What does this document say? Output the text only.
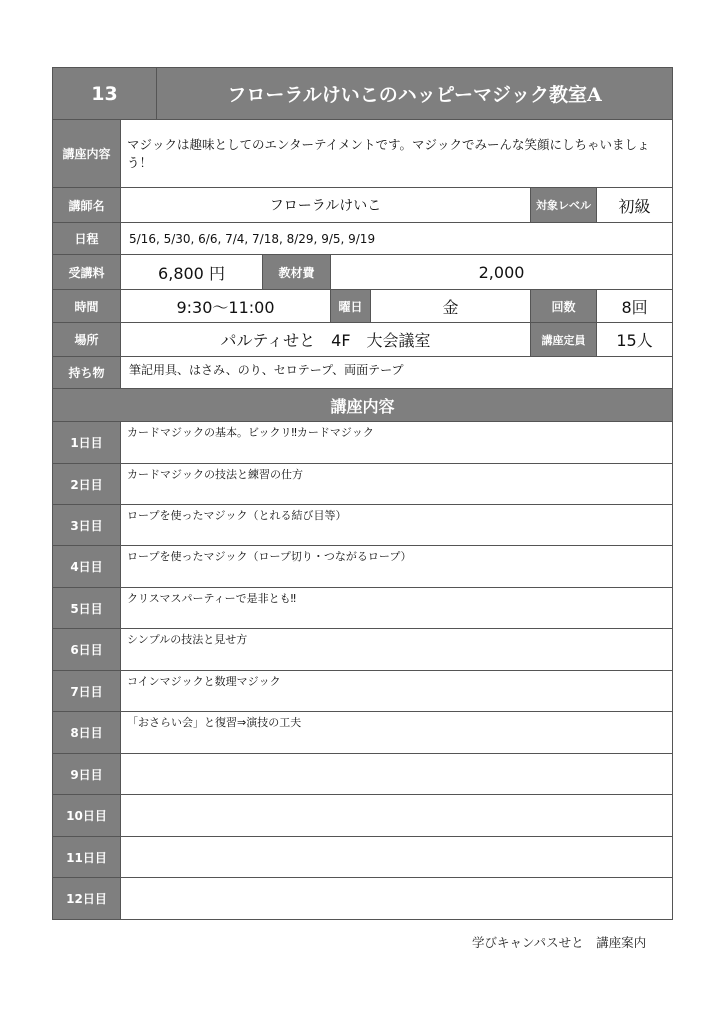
13		フローラルけいこのハッピーマジック教室A					
講座内容	マジックは趣味としてのエンターテイメントです。マジックでみーんな笑顔にしちゃいましょう！						
講師名	フローラルけいこ					対象レベル	初級
日程	5/16, 5/30, 6/6, 7/4, 7/18, 8/29, 9/5, 9/19						
受講料	6,800 円		教材費	2,000			
時間	9:30〜11:00			曜日	金	回数	8回
場所	パルティせと　4F　大会議室					講座定員	15人
持ち物	筆記用具、はさみ、のり、セロテープ、両面テープ						
講座内容							
1日目	カードマジックの基本。ビックリ‼カードマジック						
2日目	カードマジックの技法と練習の仕方						
3日目	ロープを使ったマジック（とれる結び目等）						
4日目	ロープを使ったマジック（ロープ切り・つながるロープ）						
5日目	クリスマスパーティーで是非とも‼						
6日目	シンプルの技法と見せ方						
7日目	コインマジックと数理マジック						
8日目	「おさらい会」と復習⇒演技の工夫						
9日目							
10日目							
11日目							
12日目							
学びキャンパスせと　講座案内
